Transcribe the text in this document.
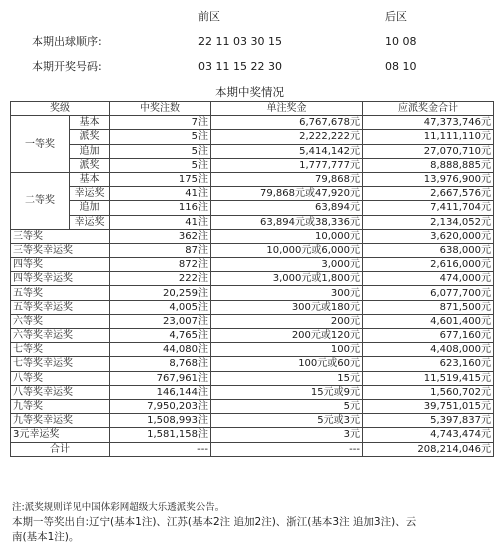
前区	后区
本期出球顺序:	22 11 03 30 15	10 08
本期开奖号码:	03 11 15 22 30	08 10
本期中奖情况
奖级		中奖注数	单注奖金	应派奖金合计
一等奖	基本	7注	6,767,678元	47,373,746元
	派奖	5注	2,222,222元	11,111,110元
	追加	5注	5,414,142元	27,070,710元
	派奖	5注	1,777,777元	8,888,885元
二等奖	基本	175注	79,868元	13,976,900元
	幸运奖	41注	79,868元或47,920元	2,667,576元
	追加	116注	63,894元	7,411,704元
	幸运奖	41注	63,894元或38,336元	2,134,052元
三等奖		362注	10,000元	3,620,000元
三等奖幸运奖		87注	10,000元或6,000元	638,000元
四等奖		872注	3,000元	2,616,000元
四等奖幸运奖		222注	3,000元或1,800元	474,000元
五等奖		20,259注	300元	6,077,700元
五等奖幸运奖		4,005注	300元或180元	871,500元
六等奖		23,007注	200元	4,601,400元
六等奖幸运奖		4,765注	200元或120元	677,160元
七等奖		44,080注	100元	4,408,000元
七等奖幸运奖		8,768注	100元或60元	623,160元
八等奖		767,961注	15元	11,519,415元
八等奖幸运奖		146,144注	15元或9元	1,560,702元
九等奖		7,950,203注	5元	39,751,015元
九等奖幸运奖		1,508,993注	5元或3元	5,397,837元
3元幸运奖		1,581,158注	3元	4,743,474元
合计		---	---	208,214,046元
注:派奖规则详见中国体彩网超级大乐透派奖公告。
本期一等奖出自:辽宁(基本1注)、江苏(基本2注 追加2注)、浙江(基本3注 追加3注)、云
南(基本1注)。
